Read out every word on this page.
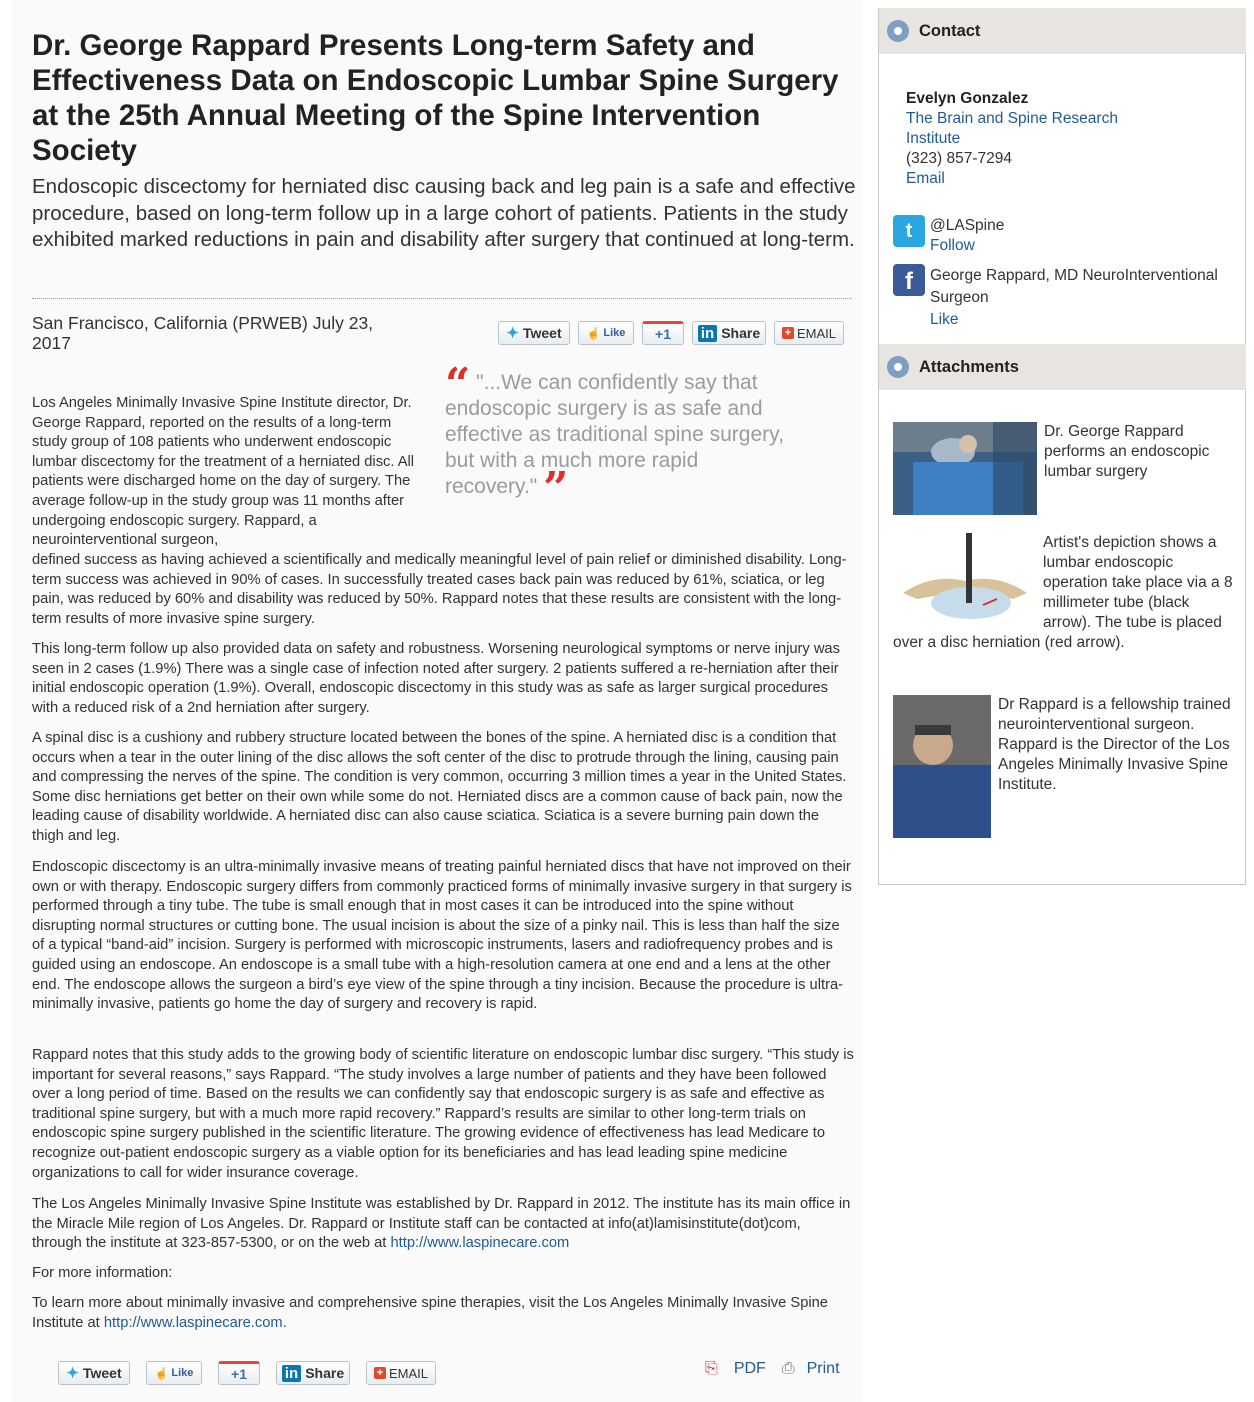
Dr. George Rappard Presents Long-term Safety and Effectiveness Data on Endoscopic Lumbar Spine Surgery at the 25th Annual Meeting of the Spine Intervention Society
Endoscopic discectomy for herniated disc causing back and leg pain is a safe and effective procedure, based on long-term follow up in a large cohort of patients. Patients in the study exhibited marked reductions in pain and disability after surgery that continued at long-term.
San Francisco, California (PRWEB) July 23, 2017	✦ Tweet ☝ Like +1 in Share + EMAIL
“ "...We can confidently say that endoscopic surgery is as safe and effective as traditional spine surgery, but with a much more rapid recovery." ”
Los Angeles Minimally Invasive Spine Institute director, Dr. George Rappard, reported on the results of a long-term study group of 108 patients who underwent endoscopic lumbar discectomy for the treatment of a herniated disc. All patients were discharged home on the day of surgery. The average follow-up in the study group was 11 months after undergoing endoscopic surgery. Rappard, a neurointerventional surgeon,
defined success as having achieved a scientifically and medically meaningful level of pain relief or diminished disability. Long-term success was achieved in 90% of cases. In successfully treated cases back pain was reduced by 61%, sciatica, or leg pain, was reduced by 60% and disability was reduced by 50%. Rappard notes that these results are consistent with the long-term results of more invasive spine surgery.
This long-term follow up also provided data on safety and robustness. Worsening neurological symptoms or nerve injury was seen in 2 cases (1.9%) There was a single case of infection noted after surgery. 2 patients suffered a re-herniation after their initial endoscopic operation (1.9%). Overall, endoscopic discectomy in this study was as safe as larger surgical procedures with a reduced risk of a 2nd herniation after surgery.
A spinal disc is a cushiony and rubbery structure located between the bones of the spine. A herniated disc is a condition that occurs when a tear in the outer lining of the disc allows the soft center of the disc to protrude through the lining, causing pain and compressing the nerves of the spine. The condition is very common, occurring 3 million times a year in the United States. Some disc herniations get better on their own while some do not. Herniated discs are a common cause of back pain, now the leading cause of disability worldwide. A herniated disc can also cause sciatica. Sciatica is a severe burning pain down the thigh and leg.
Endoscopic discectomy is an ultra-minimally invasive means of treating painful herniated discs that have not improved on their own or with therapy. Endoscopic surgery differs from commonly practiced forms of minimally invasive surgery in that surgery is performed through a tiny tube. The tube is small enough that in most cases it can be introduced into the spine without disrupting normal structures or cutting bone. The usual incision is about the size of a pinky nail. This is less than half the size of a typical “band-aid” incision. Surgery is performed with microscopic instruments, lasers and radiofrequency probes and is guided using an endoscope. An endoscope is a small tube with a high-resolution camera at one end and a lens at the other end. The endoscope allows the surgeon a bird’s eye view of the spine through a tiny incision. Because the procedure is ultra-minimally invasive, patients go home the day of surgery and recovery is rapid.
Rappard notes that this study adds to the growing body of scientific literature on endoscopic lumbar disc surgery. “This study is important for several reasons,” says Rappard. “The study involves a large number of patients and they have been followed over a long period of time. Based on the results we can confidently say that endoscopic surgery is as safe and effective as traditional spine surgery, but with a much more rapid recovery.” Rappard’s results are similar to other long-term trials on endoscopic spine surgery published in the scientific literature. The growing evidence of effectiveness has lead Medicare to recognize out-patient endoscopic surgery as a viable option for its beneficiaries and has lead leading spine medicine organizations to call for wider insurance coverage.
The Los Angeles Minimally Invasive Spine Institute was established by Dr. Rappard in 2012. The institute has its main office in the Miracle Mile region of Los Angeles. Dr. Rappard or Institute staff can be contacted at info(at)lamisinstitute(dot)com, through the institute at 323-857-5300, or on the web at http://www.laspinecare.com
For more information:
To learn more about minimally invasive and comprehensive spine therapies, visit the Los Angeles Minimally Invasive Spine Institute at http://www.laspinecare.com.
✦ Tweet	☝ Like	+1	in Share	+ EMAIL	⎘ PDF ⎙ Print
Contact
Evelyn Gonzalez
The Brain and Spine Research Institute
(323) 857-7294
Email
t	@LASpine
Follow
f	George Rappard, MD NeuroInterventional Surgeon
Like
Attachments
Dr. George Rappard performs an endoscopic lumbar surgery
Artist's depiction shows a lumbar endoscopic operation take place via a 8 millimeter tube (black arrow). The tube is placed over a disc herniation (red arrow).
Dr Rappard is a fellowship trained neurointerventional surgeon. Rappard is the Director of the Los Angeles Minimally Invasive Spine Institute.
